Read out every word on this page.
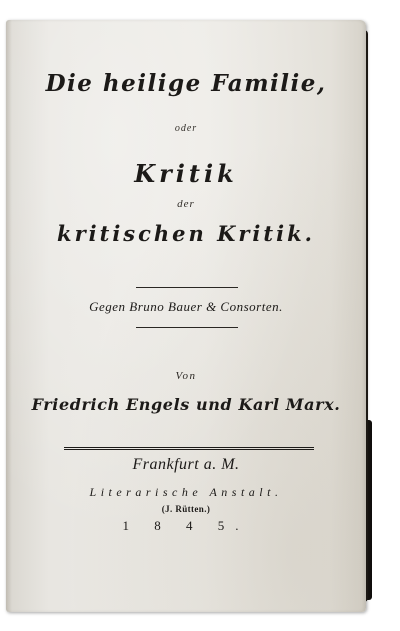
Die heilige Familie,
oder
Kritik
der
kritischen Kritik.
Gegen Bruno Bauer & Consorten.
Von
Friedrich Engels und Karl Marx.
Frankfurt a. M.
Literarische Anstalt.
(J. Rütten.)
1 8 4 5.
